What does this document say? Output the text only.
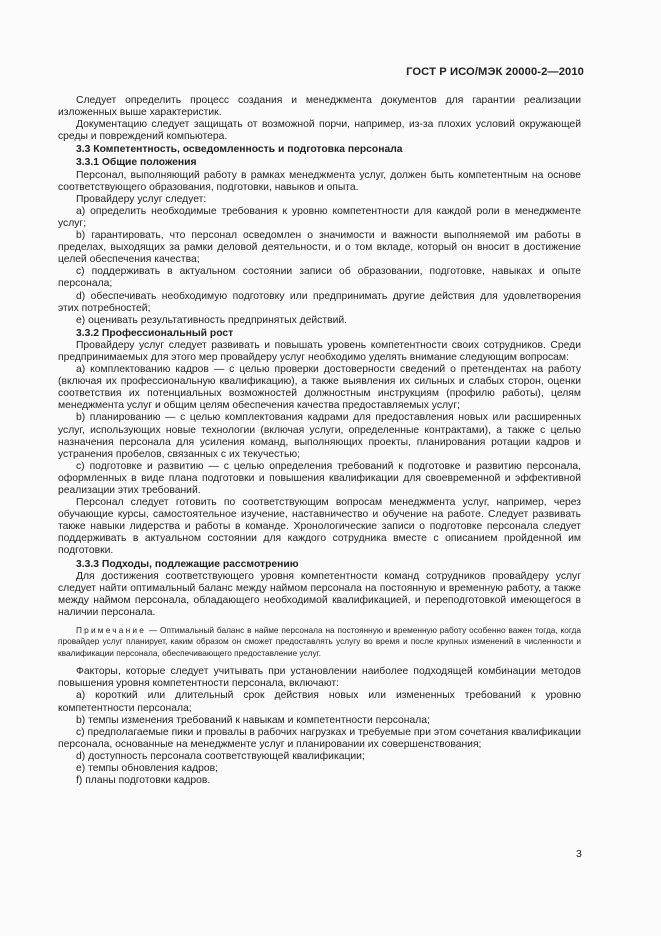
ГОСТ Р ИСО/МЭК 20000-2—2010

Следует определить процесс создания и менеджмента документов для гарантии реализации изложенных выше характеристик.

Документацию следует защищать от возможной порчи, например, из-за плохих условий окружающей среды и повреждений компьютера.

3.3 Компетентность, осведомленность и подготовка персонала

3.3.1 Общие положения

Персонал, выполняющий работу в рамках менеджмента услуг, должен быть компетентным на основе соответствующего образования, подготовки, навыков и опыта.

Провайдеру услуг следует:

a) определить необходимые требования к уровню компетентности для каждой роли в менеджменте услуг;

b) гарантировать, что персонал осведомлен о значимости и важности выполняемой им работы в пределах, выходящих за рамки деловой деятельности, и о том вкладе, который он вносит в достижение целей обеспечения качества;

c) поддерживать в актуальном состоянии записи об образовании, подготовке, навыках и опыте персонала;

d) обеспечивать необходимую подготовку или предпринимать другие действия для удовлетворения этих потребностей;

e) оценивать результативность предпринятых действий.

3.3.2 Профессиональный рост

Провайдеру услуг следует развивать и повышать уровень компетентности своих сотрудников. Среди предпринимаемых для этого мер провайдеру услуг необходимо уделять внимание следующим вопросам:

a) комплектованию кадров — с целью проверки достоверности сведений о претендентах на работу (включая их профессиональную квалификацию), а также выявления их сильных и слабых сторон, оценки соответствия их потенциальных возможностей должностным инструкциям (профилю работы), целям менеджмента услуг и общим целям обеспечения качества предоставляемых услуг;

b) планированию — с целью комплектования кадрами для предоставления новых или расширенных услуг, использующих новые технологии (включая услуги, определенные контрактами), а также с целью назначения персонала для усиления команд, выполняющих проекты, планирования ротации кадров и устранения пробелов, связанных с их текучестью;

c) подготовке и развитию — с целью определения требований к подготовке и развитию персонала, оформленных в виде плана подготовки и повышения квалификации для своевременной и эффективной реализации этих требований.

Персонал следует готовить по соответствующим вопросам менеджмента услуг, например, через обучающие курсы, самостоятельное изучение, наставничество и обучение на работе. Следует развивать также навыки лидерства и работы в команде. Хронологические записи о подготовке персонала следует поддерживать в актуальном состоянии для каждого сотрудника вместе с описанием пройденной им подготовки.

3.3.3 Подходы, подлежащие рассмотрению

Для достижения соответствующего уровня компетентности команд сотрудников провайдеру услуг следует найти оптимальный баланс между наймом персонала на постоянную и временную работу, а также между наймом персонала, обладающего необходимой квалификацией, и переподготовкой имеющегося в наличии персонала.

Примечание — Оптимальный баланс в найме персонала на постоянную и временную работу особенно важен тогда, когда провайдер услуг планирует, каким образом он сможет предоставлять услугу во время и после крупных изменений в численности и квалификации персонала, обеспечивающего предоставление услуг.

Факторы, которые следует учитывать при установлении наиболее подходящей комбинации методов повышения уровня компетентности персонала, включают:

a) короткий или длительный срок действия новых или измененных требований к уровню компетентности персонала;

b) темпы изменения требований к навыкам и компетентности персонала;

c) предполагаемые пики и провалы в рабочих нагрузках и требуемые при этом сочетания квалификации персонала, основанные на менеджменте услуг и планировании их совершенствования;

d) доступность персонала соответствующей квалификации;

e) темпы обновления кадров;

f) планы подготовки кадров.

3
